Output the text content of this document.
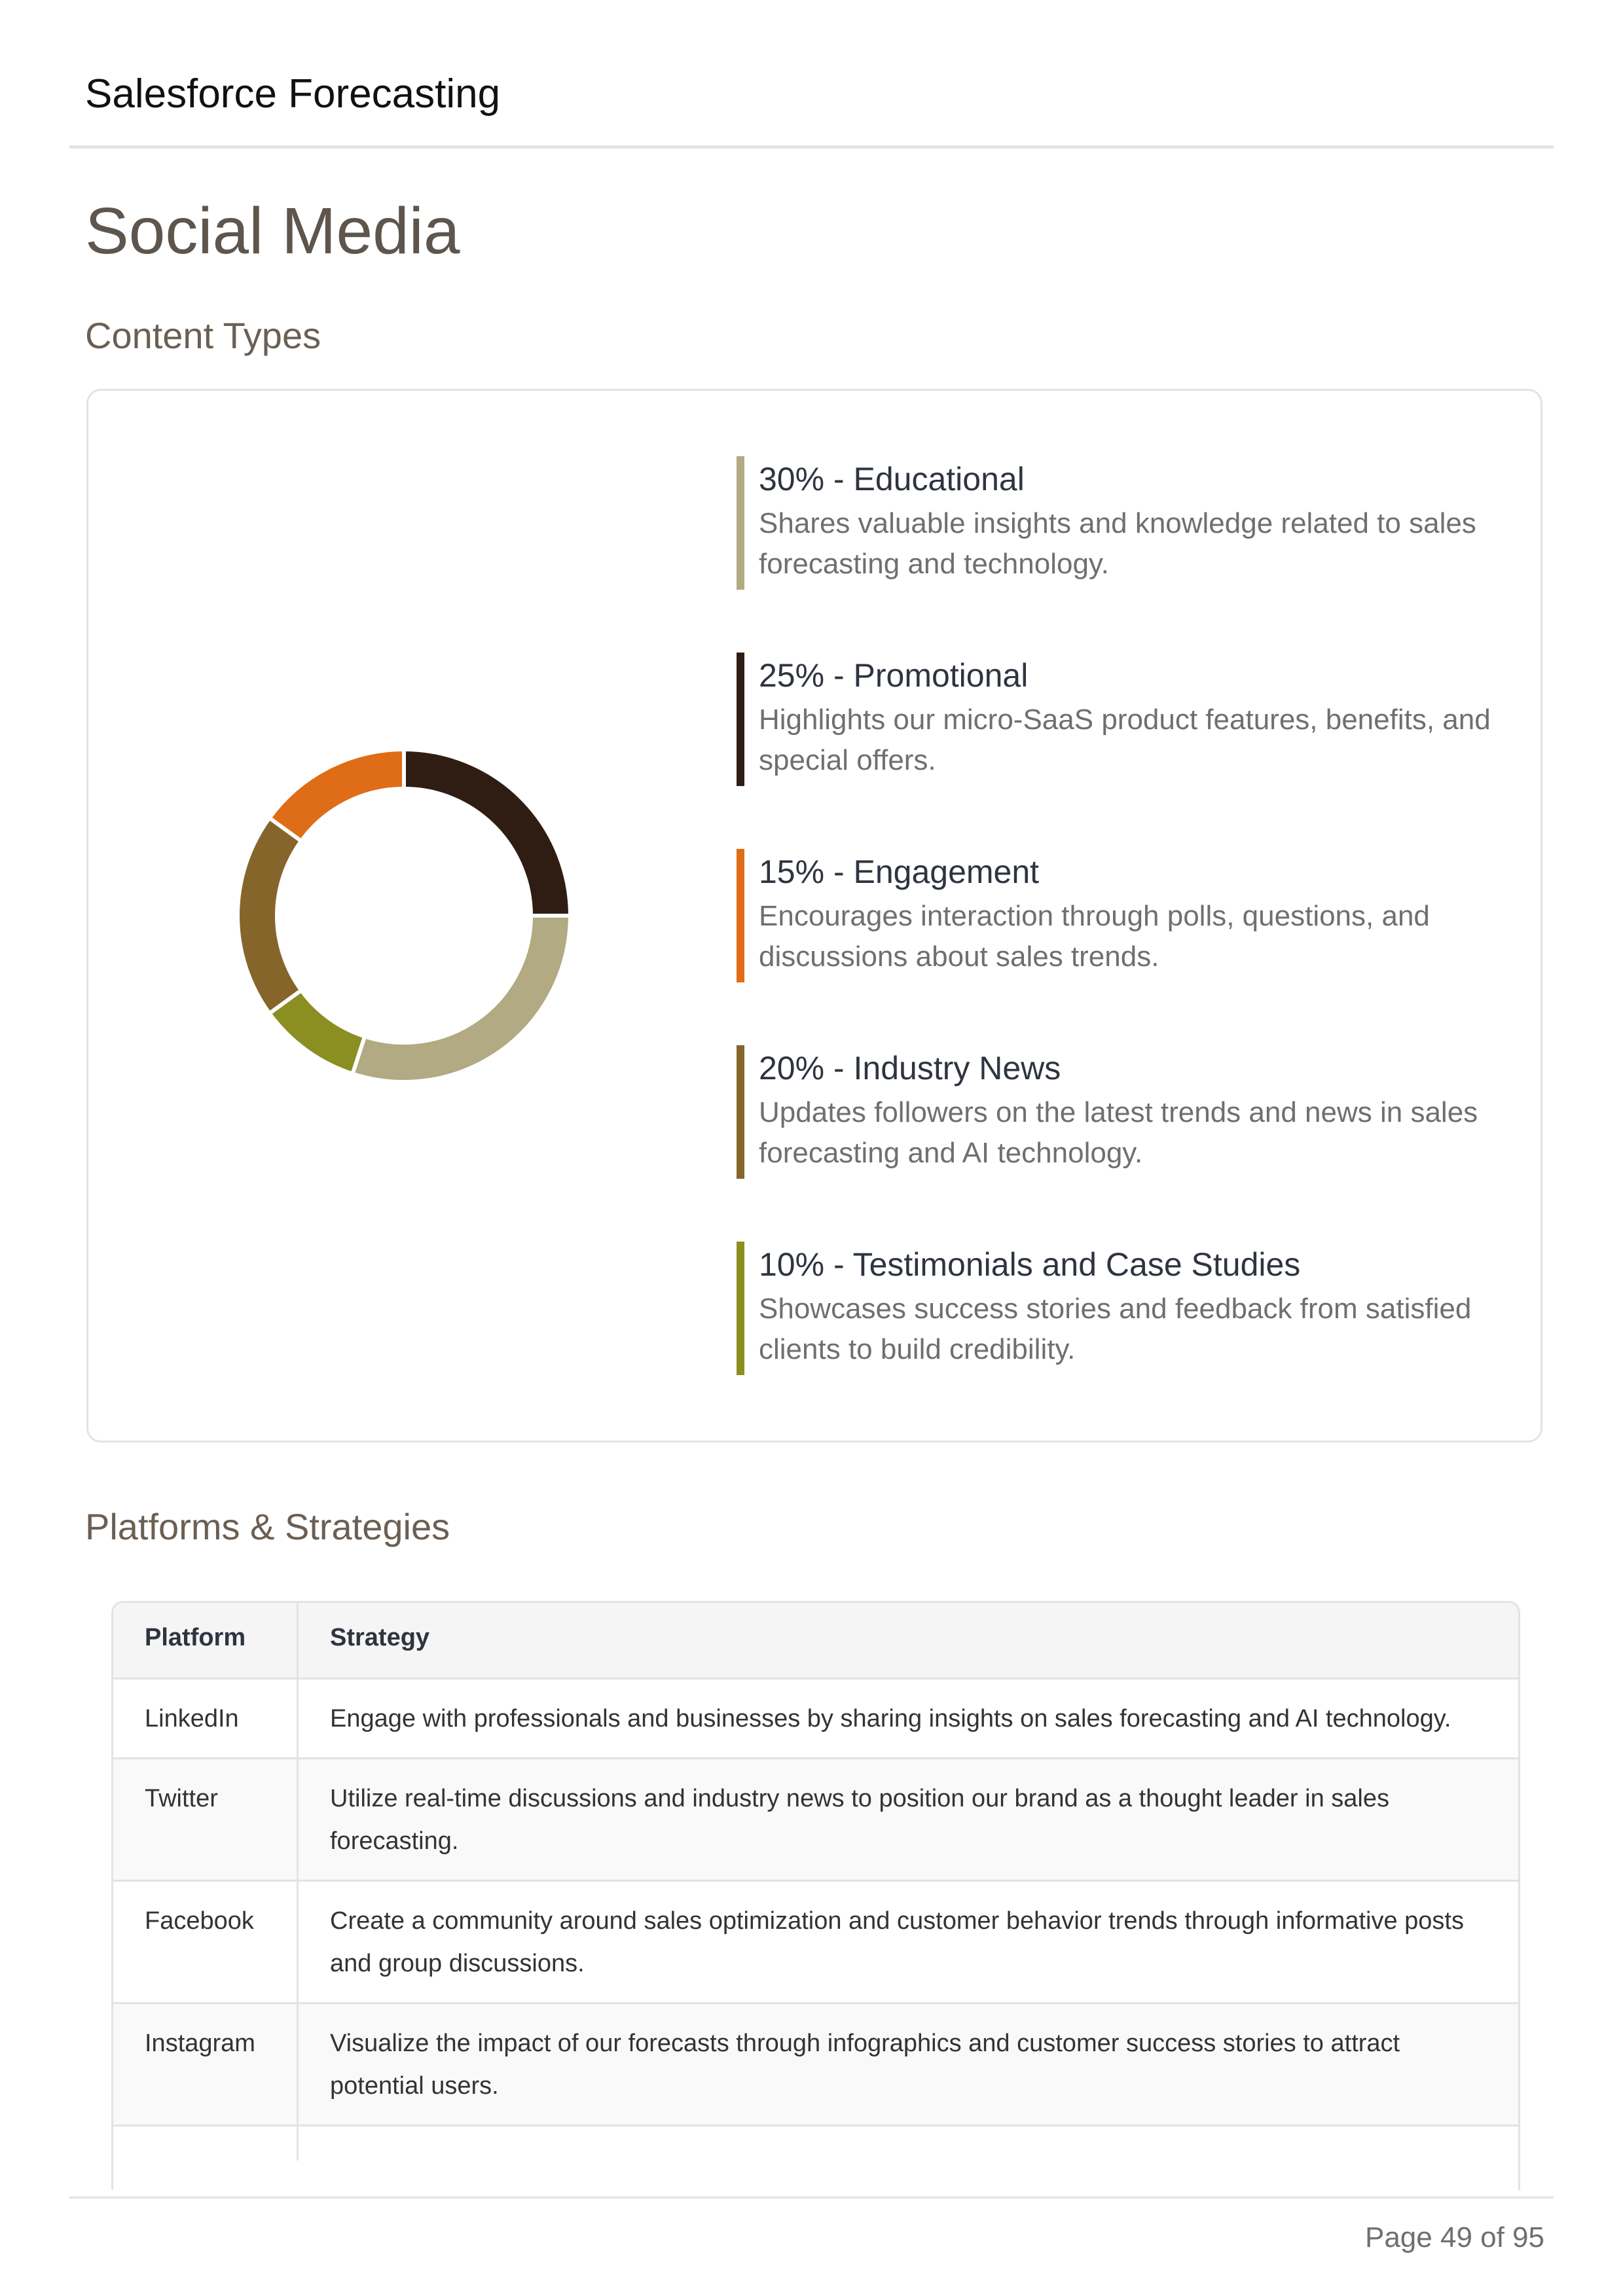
Salesforce Forecasting
Social Media
Content Types
30% - Educational
Shares valuable insights and knowledge related to sales forecasting and technology.
25% - Promotional
Highlights our micro-SaaS product features, benefits, and special offers.
15% - Engagement
Encourages interaction through polls, questions, and discussions about sales trends.
20% - Industry News
Updates followers on the latest trends and news in sales forecasting and AI technology.
10% - Testimonials and Case Studies
Showcases success stories and feedback from satisfied clients to build credibility.
Platforms & Strategies
Platform	Strategy
LinkedIn	Engage with professionals and businesses by sharing insights on sales forecasting and AI technology.
Twitter	Utilize real-time discussions and industry news to position our brand as a thought leader in sales forecasting.
Facebook	Create a community around sales optimization and customer behavior trends through informative posts and group discussions.
Instagram	Visualize the impact of our forecasts through infographics and customer success stories to attract potential users.

Page 49 of 95
